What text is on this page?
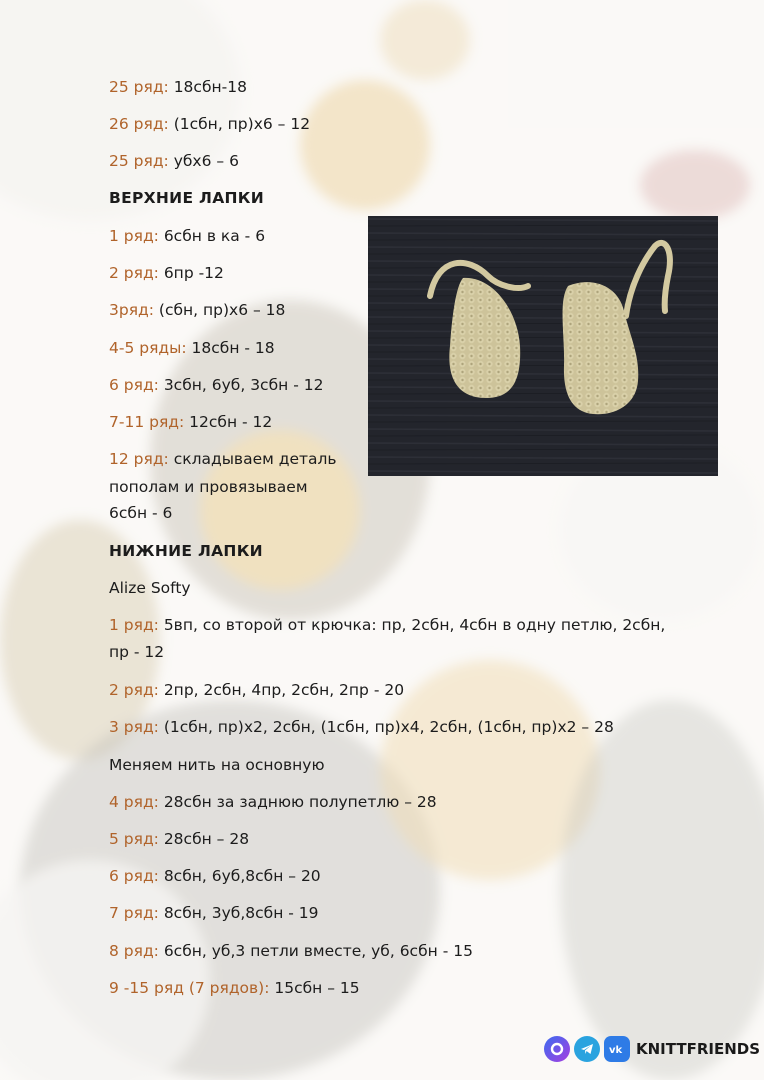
25 ряд: 18сбн-18
26 ряд: (1сбн, пр)х6 – 12
25 ряд: убх6 – 6
ВЕРХНИЕ ЛАПКИ
1 ряд: 6сбн в ка - 6
2 ряд: 6пр -12
3ряд: (сбн, пр)х6 – 18
4-5 ряды: 18сбн - 18
6 ряд: 3сбн, 6уб, 3сбн - 12
7-11 ряд: 12сбн - 12
12 ряд: складываем деталь
пополам и провязываем
6сбн - 6
НИЖНИЕ ЛАПКИ
Alize Softy
1 ряд: 5вп, со второй от крючка: пр, 2сбн, 4сбн в одну петлю, 2сбн,
пр - 12
2 ряд: 2пр, 2сбн, 4пр, 2сбн, 2пр - 20
3 ряд: (1сбн, пр)х2, 2сбн, (1сбн, пр)х4, 2сбн, (1сбн, пр)х2 – 28
Меняем нить на основную
4 ряд: 28сбн за заднюю полупетлю – 28
5 ряд: 28сбн – 28
6 ряд: 8сбн, 6уб,8сбн – 20
7 ряд: 8сбн, 3уб,8сбн - 19
8 ряд: 6сбн, уб,3 петли вместе, уб, 6сбн - 15
9 -15 ряд (7 рядов): 15сбн – 15
vk KNITTFRIENDS
